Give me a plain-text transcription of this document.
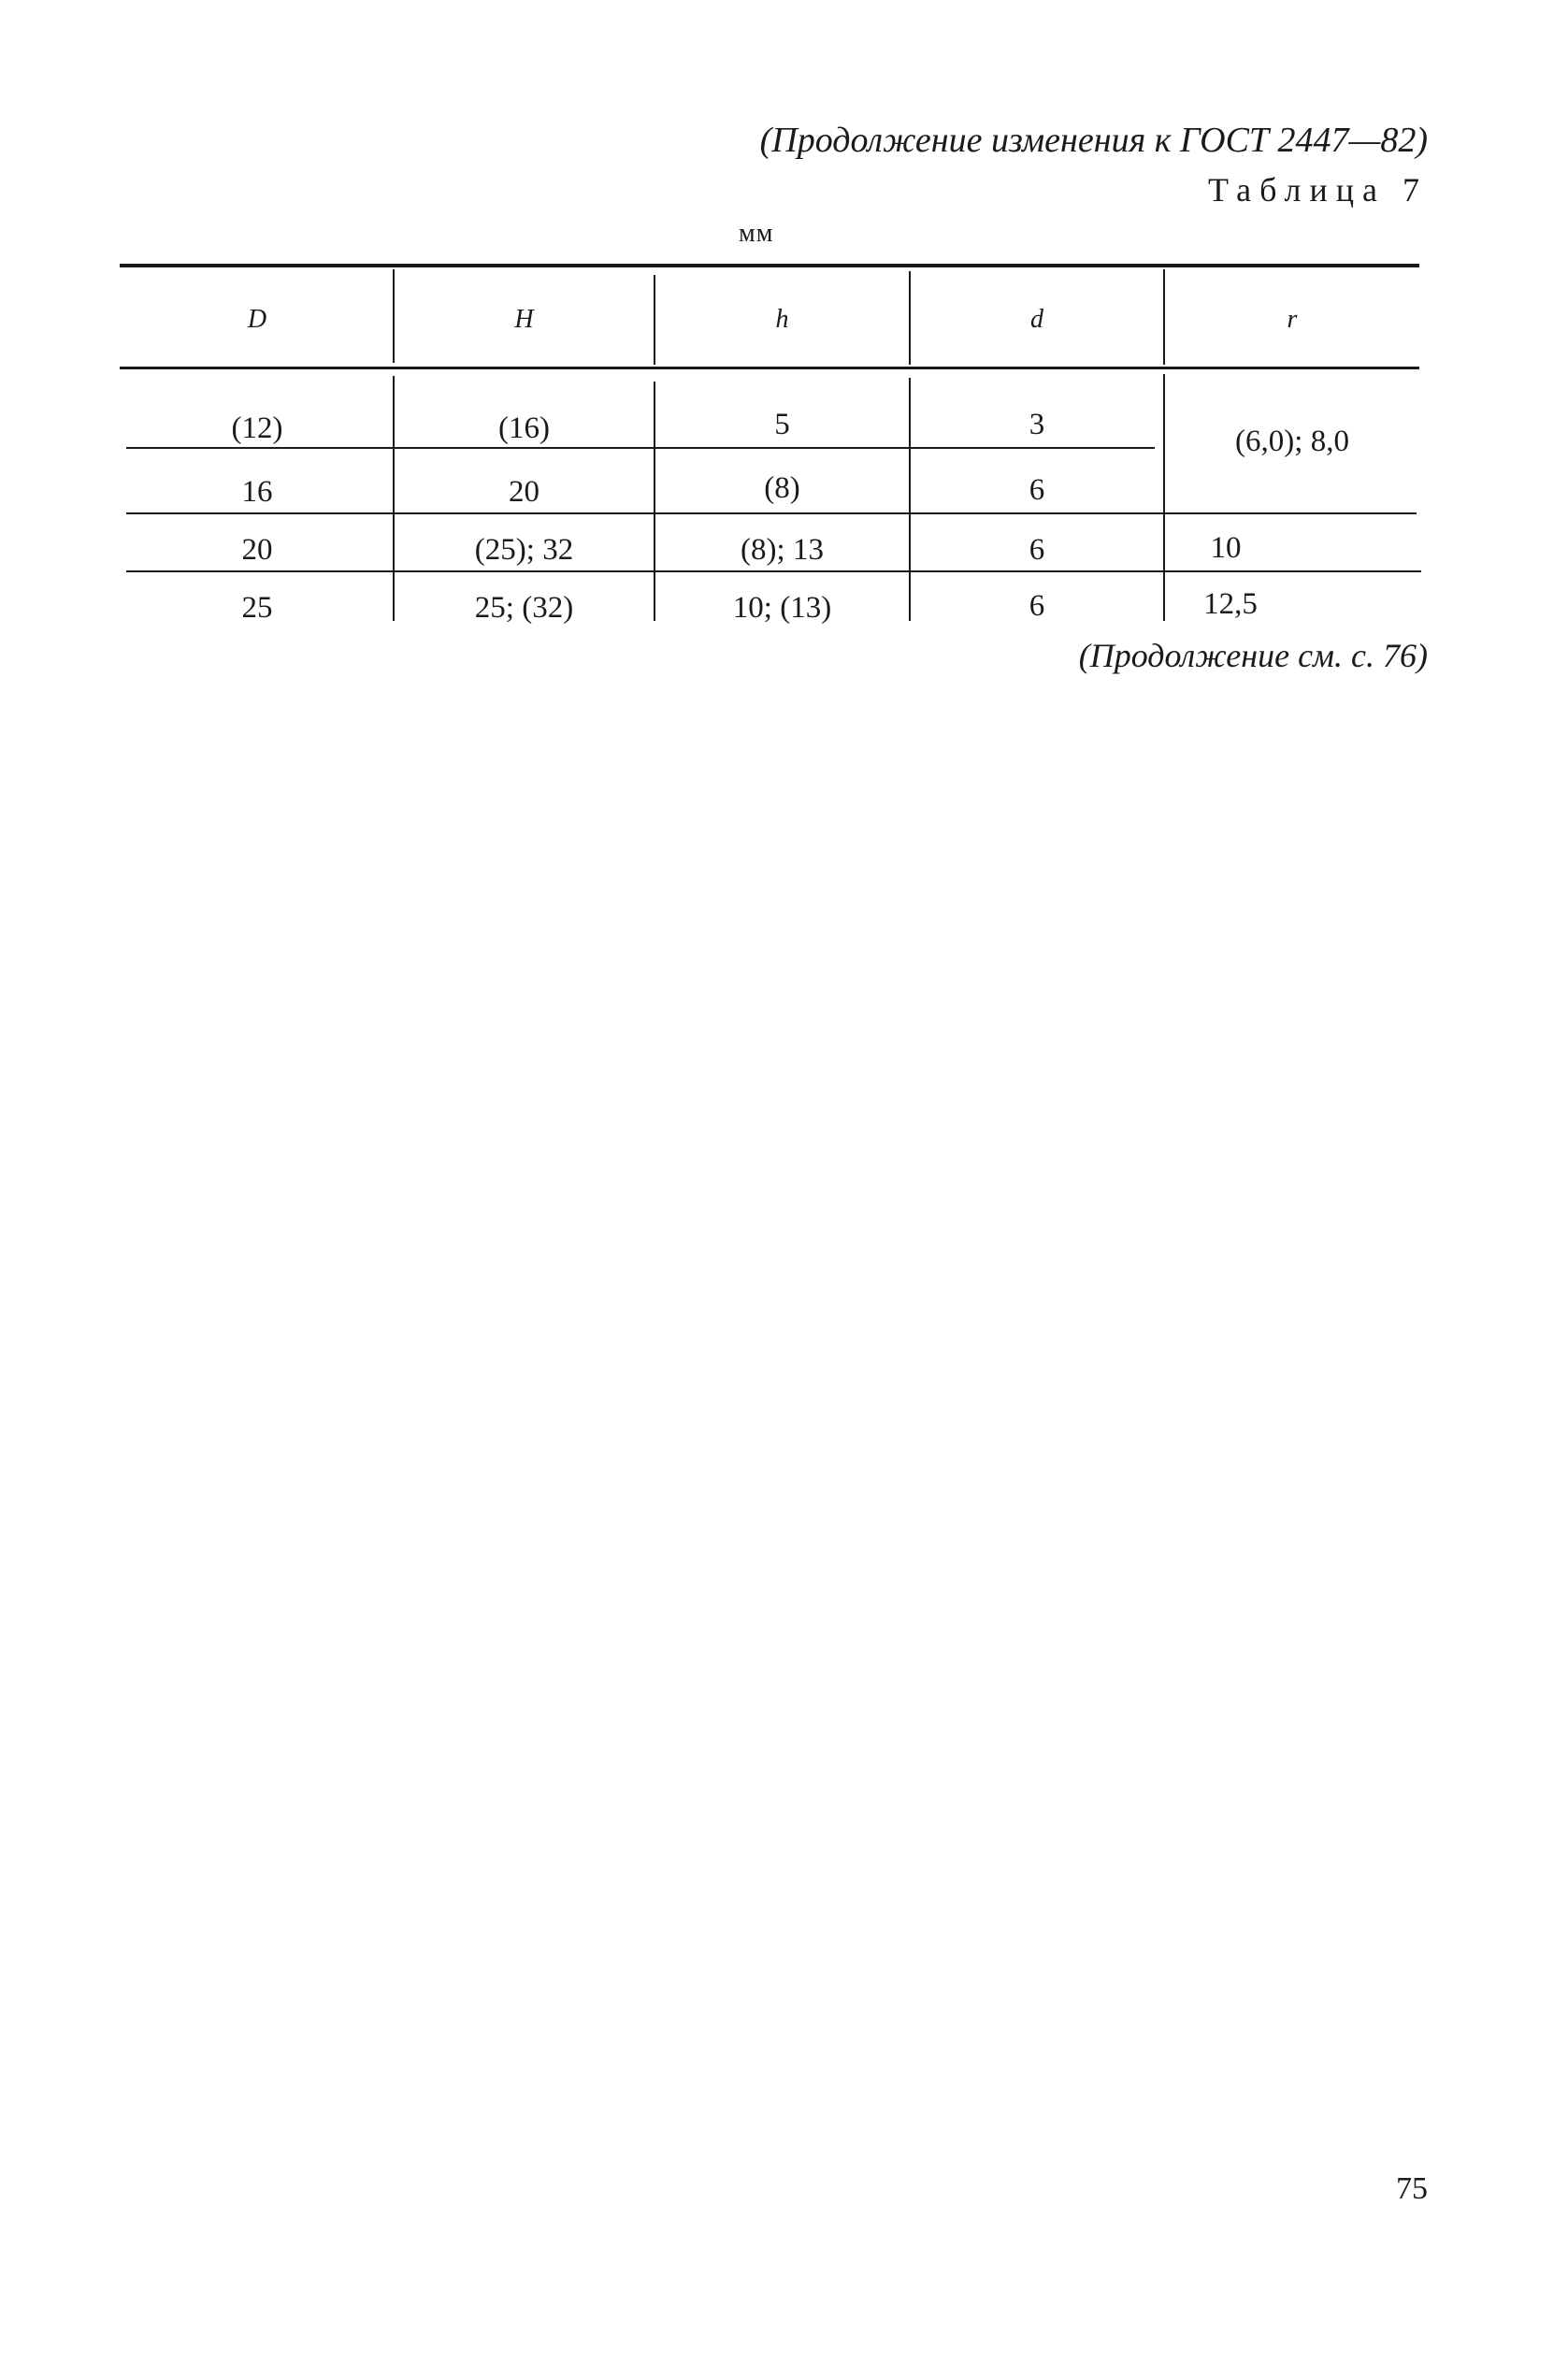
(Продолжение изменения к ГОСТ 2447—82)
Таблица 7
мм
D	H	h	d	r
(12)	(16)	5	3	(6,0); 8,0
16	20	(8)	6
20	(25); 32	(8); 13	6	10
25	25; (32)	10; (13)	6	12,5
(Продолжение см. с. 76)
75
